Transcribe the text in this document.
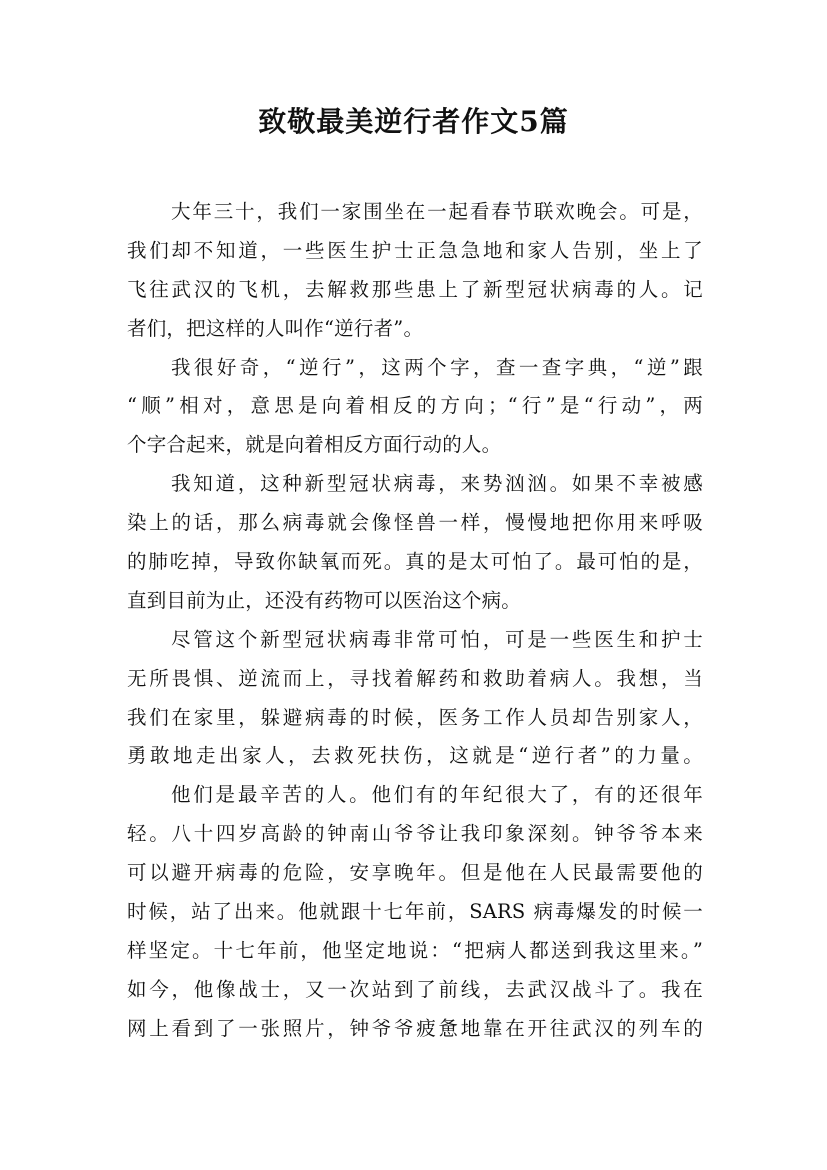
致敬最美逆行者作文5篇
大年三十，我们一家围坐在一起看春节联欢晚会。可是，
我们却不知道，一些医生护士正急急地和家人告别，坐上了
飞往武汉的飞机，去解救那些患上了新型冠状病毒的人。记
者们，把这样的人叫作“逆行者”。
我很好奇，“逆行”，这两个字，查一查字典，“逆”跟
“顺”相对，意思是向着相反的方向；“行”是“行动”，两
个字合起来，就是向着相反方面行动的人。
我知道，这种新型冠状病毒，来势汹汹。如果不幸被感
染上的话，那么病毒就会像怪兽一样，慢慢地把你用来呼吸
的肺吃掉，导致你缺氧而死。真的是太可怕了。最可怕的是，
直到目前为止，还没有药物可以医治这个病。
尽管这个新型冠状病毒非常可怕，可是一些医生和护士
无所畏惧、逆流而上，寻找着解药和救助着病人。我想，当
我们在家里，躲避病毒的时候，医务工作人员却告别家人，
勇敢地走出家人，去救死扶伤，这就是“逆行者”的力量。
他们是最辛苦的人。他们有的年纪很大了，有的还很年
轻。八十四岁高龄的钟南山爷爷让我印象深刻。钟爷爷本来
可以避开病毒的危险，安享晚年。但是他在人民最需要他的
时候，站了出来。他就跟十七年前，SARS 病毒爆发的时候一
样坚定。十七年前，他坚定地说：“把病人都送到我这里来。”
如今，他像战士，又一次站到了前线，去武汉战斗了。我在
网上看到了一张照片，钟爷爷疲惫地靠在开往武汉的列车的
